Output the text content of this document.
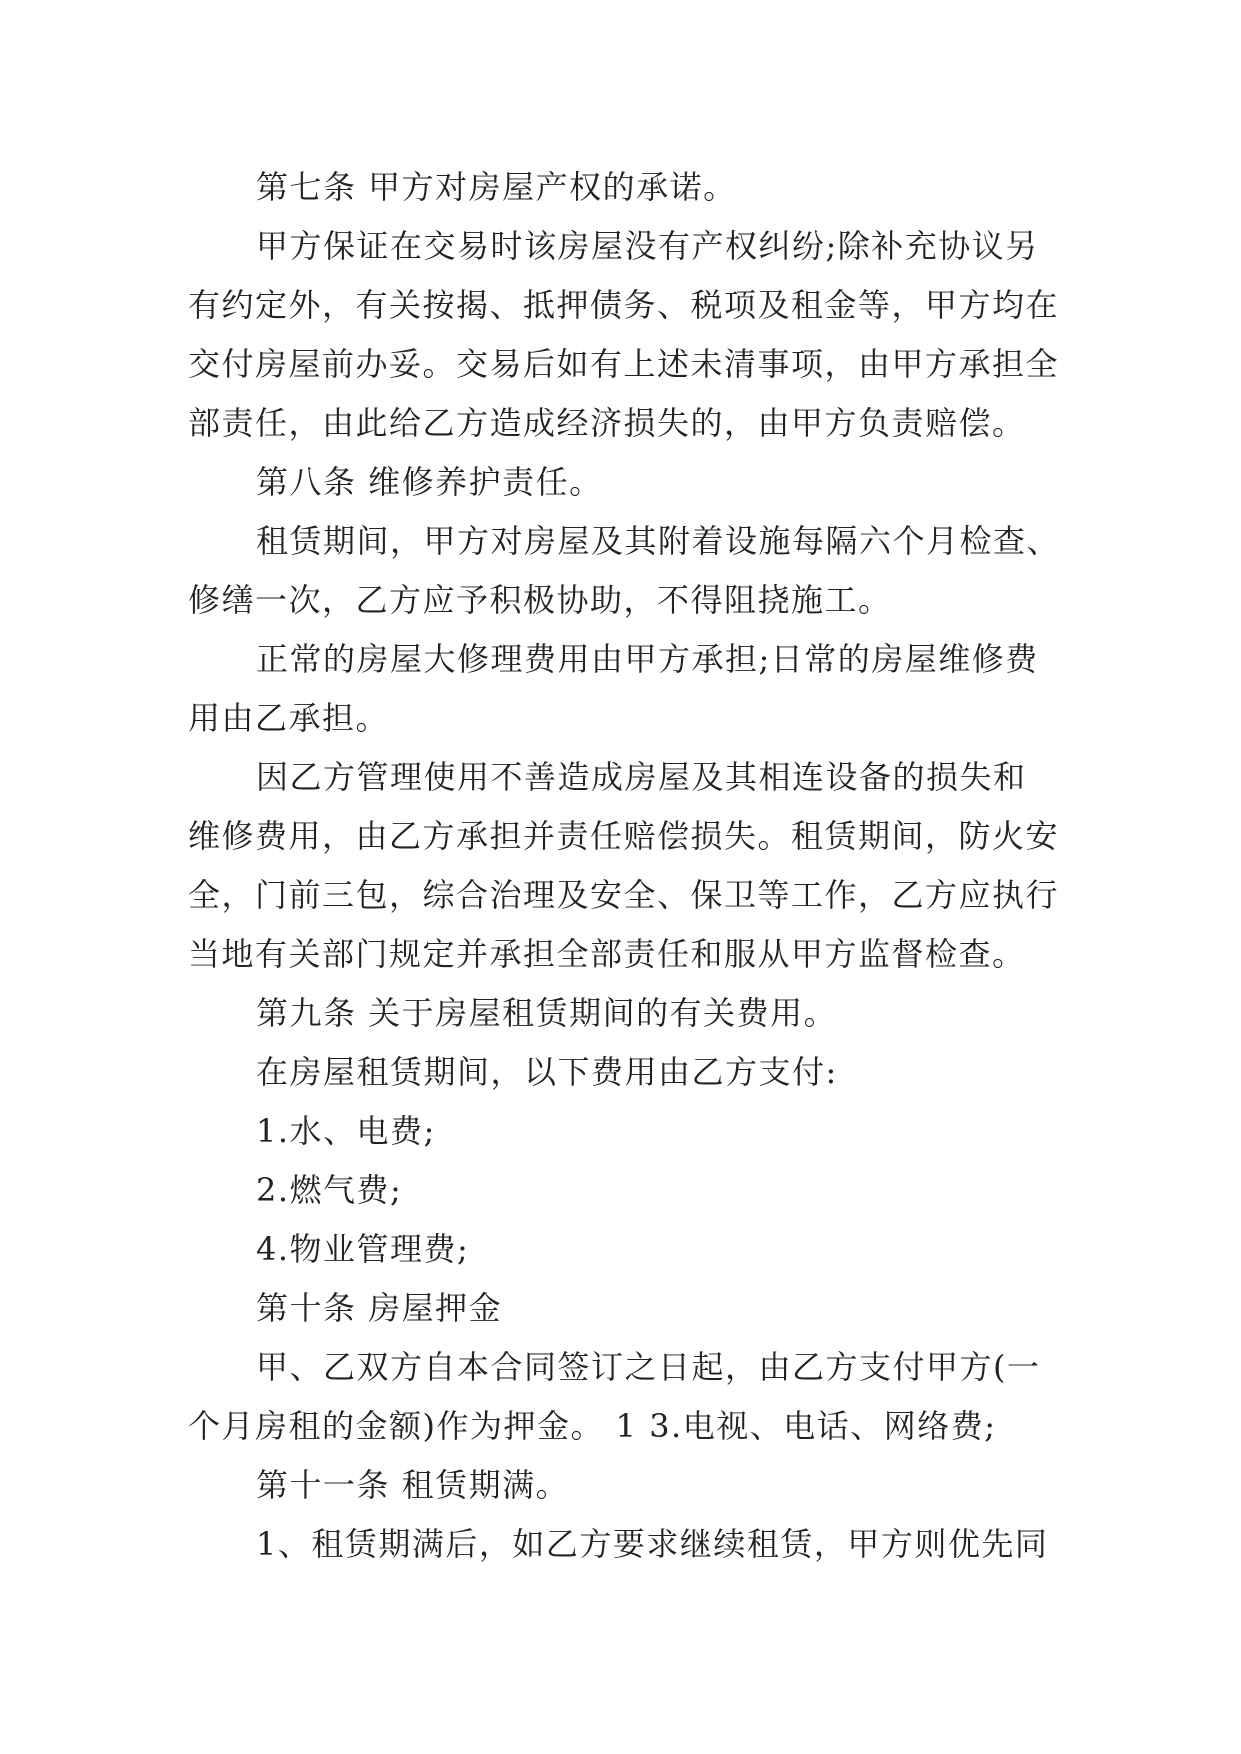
第七条 甲方对房屋产权的承诺。
甲方保证在交易时该房屋没有产权纠纷;除补充协议另
有约定外，有关按揭、抵押债务、税项及租金等，甲方均在
交付房屋前办妥。交易后如有上述未清事项，由甲方承担全
部责任，由此给乙方造成经济损失的，由甲方负责赔偿。
第八条 维修养护责任。
租赁期间，甲方对房屋及其附着设施每隔六个月检查、
修缮一次，乙方应予积极协助，不得阻挠施工。
正常的房屋大修理费用由甲方承担;日常的房屋维修费
用由乙承担。
因乙方管理使用不善造成房屋及其相连设备的损失和
维修费用，由乙方承担并责任赔偿损失。租赁期间，防火安
全，门前三包，综合治理及安全、保卫等工作，乙方应执行
当地有关部门规定并承担全部责任和服从甲方监督检查。
第九条 关于房屋租赁期间的有关费用。
在房屋租赁期间，以下费用由乙方支付:
1.水、电费;
2.燃气费;
4.物业管理费;
第十条 房屋押金
甲、乙双方自本合同签订之日起，由乙方支付甲方(一
个月房租的金额)作为押金。 1 3.电视、电话、网络费;
第十一条 租赁期满。
1、租赁期满后，如乙方要求继续租赁，甲方则优先同
